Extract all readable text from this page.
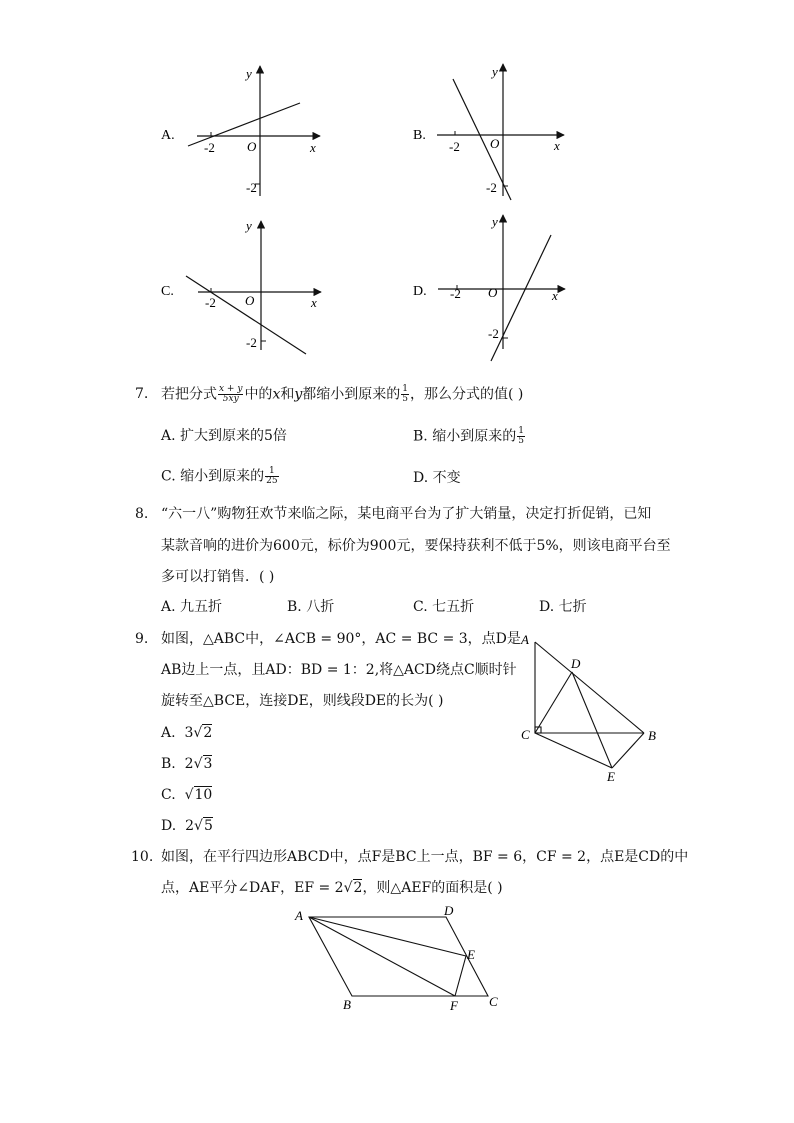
A.
-2 O	x
y
-2
B.
-2 O	x
y
-2
C.
-2 O	x
y
-2
D. -2 O	x
y
-2
7. 若把分式 $\frac{x + y}{5xy}$ 中的x和y都缩小到原来的 $\frac{1}{5}$ ，那么分式的值( )
A. 扩大到原来的5倍	B. 缩小到原来的 $\frac{1}{5}$
C. 缩小到原来的 $\frac{1}{25}$	D. 不变
8. “六一八”购物狂欢节来临之际，某电商平台为了扩大销量，决定打折促销，已知
某款音响的进价为600元，标价为900元，要保持获利不低于5%，则该电商平台至
多可以打销售．( )
A. 九五折	B. 八折	C. 七五折	D. 七折
9. 如图，△ABC中，∠ACB = 90°，AC = BC = 3，点D是
AB边上一点，且AD：BD = 1：2,将△ACD绕点C顺时针
旋转至△BCE，连接DE，则线段DE的长为( )
A. 3√2
B. 2√3
C.  √10
D. 2√5
A
D
C	B
E
10. 如图，在平行四边形ABCD中，点F是BC上一点，BF = 6，CF = 2，点E是CD的中
点，AE平分∠DAF，EF = 2√2，则△AEF的面积是( )
A	D
E
B	F C
